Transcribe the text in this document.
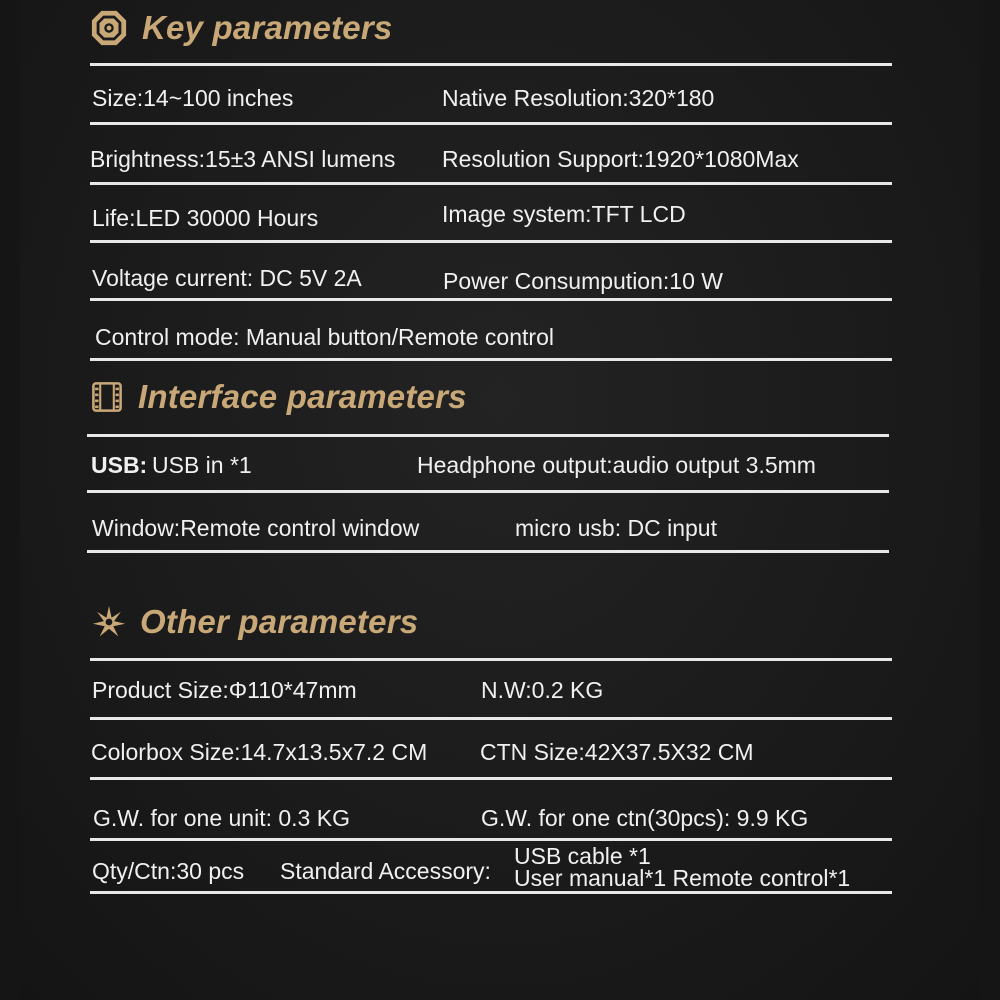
Key parameters
Size:14~100 inches	Native Resolution:320*180
Brightness:15±3 ANSI lumens Resolution Support:1920*1080Max
Life:LED 30000 Hours	Image system:TFT LCD
Voltage current: DC 5V 2A	Power Consumpution:10 W
Control mode: Manual button/Remote control
Interface parameters
USB: USB in *1	Headphone output:audio output 3.5mm
Window:Remote control window	micro usb: DC input
Other parameters
Product Size:Φ110*47mm	N.W:0.2 KG
Colorbox Size:14.7x13.5x7.2 CM CTN Size:42X37.5X32 CM
G.W. for one unit: 0.3 KG	G.W. for one ctn(30pcs): 9.9 KG
Qty/Ctn:30 pcs Standard Accessory:
USB cable *1
User manual*1 Remote control*1
